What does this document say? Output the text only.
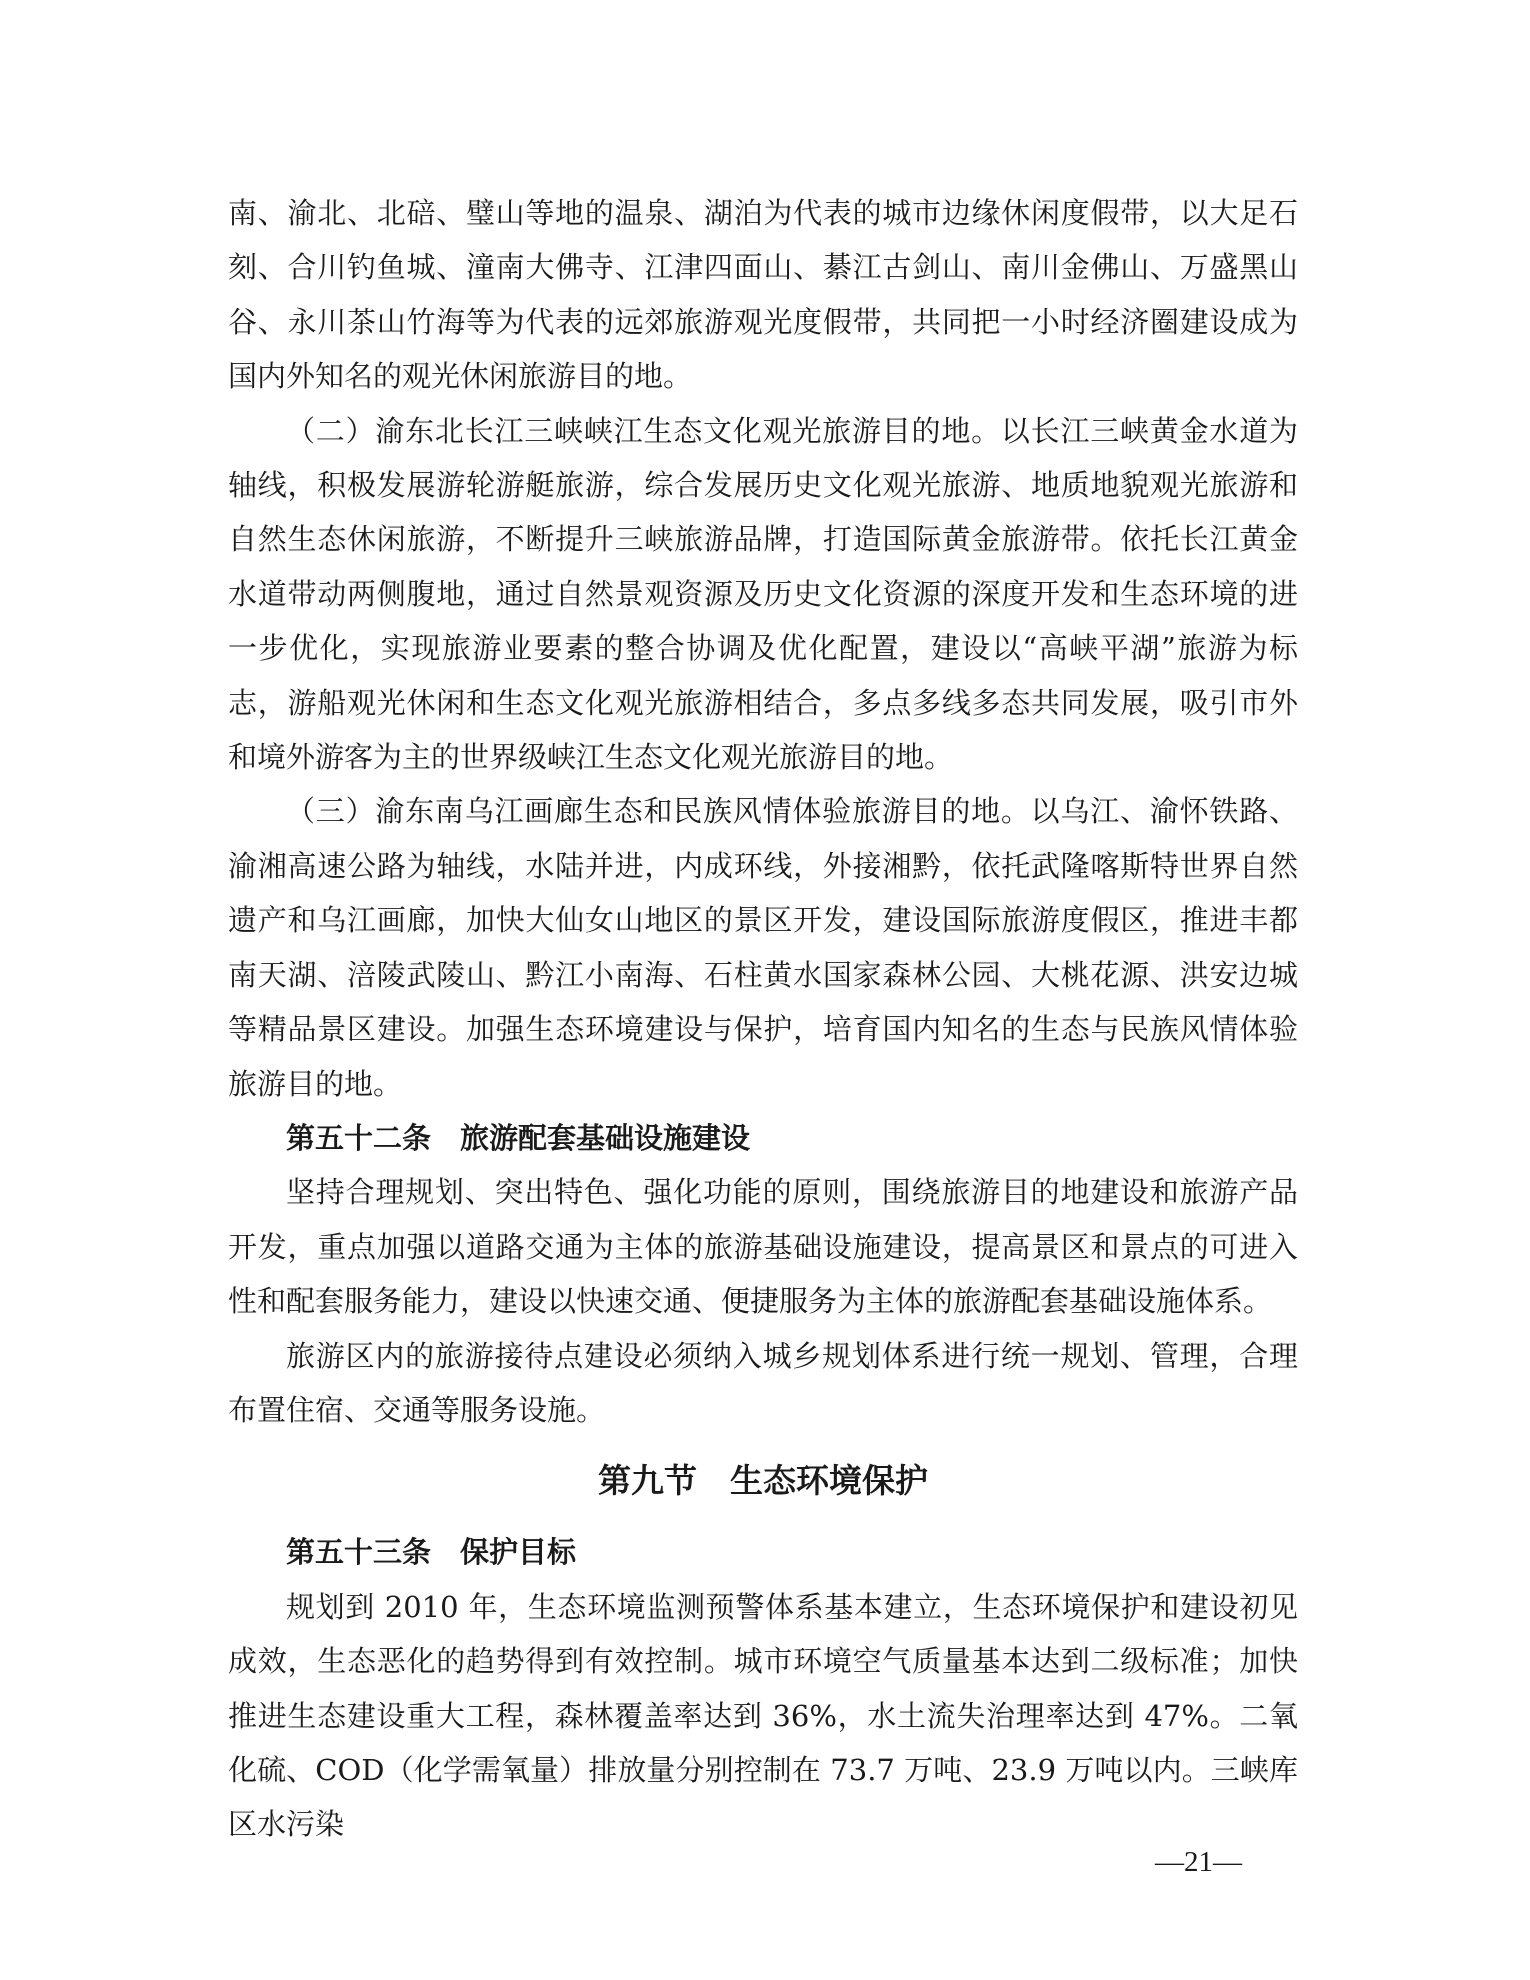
南、渝北、北碚、璧山等地的温泉、湖泊为代表的城市边缘休闲度假带，以大足石刻、合川钓鱼城、潼南大佛寺、江津四面山、綦江古剑山、南川金佛山、万盛黑山谷、永川茶山竹海等为代表的远郊旅游观光度假带，共同把一小时经济圈建设成为国内外知名的观光休闲旅游目的地。

（二）渝东北长江三峡峡江生态文化观光旅游目的地。以长江三峡黄金水道为轴线，积极发展游轮游艇旅游，综合发展历史文化观光旅游、地质地貌观光旅游和自然生态休闲旅游，不断提升三峡旅游品牌，打造国际黄金旅游带。依托长江黄金水道带动两侧腹地，通过自然景观资源及历史文化资源的深度开发和生态环境的进一步优化，实现旅游业要素的整合协调及优化配置，建设以“高峡平湖”旅游为标志，游船观光休闲和生态文化观光旅游相结合，多点多线多态共同发展，吸引市外和境外游客为主的世界级峡江生态文化观光旅游目的地。

（三）渝东南乌江画廊生态和民族风情体验旅游目的地。以乌江、渝怀铁路、渝湘高速公路为轴线，水陆并进，内成环线，外接湘黔，依托武隆喀斯特世界自然遗产和乌江画廊，加快大仙女山地区的景区开发，建设国际旅游度假区，推进丰都南天湖、涪陵武陵山、黔江小南海、石柱黄水国家森林公园、大桃花源、洪安边城等精品景区建设。加强生态环境建设与保护，培育国内知名的生态与民族风情体验旅游目的地。

第五十二条　旅游配套基础设施建设

坚持合理规划、突出特色、强化功能的原则，围绕旅游目的地建设和旅游产品开发，重点加强以道路交通为主体的旅游基础设施建设，提高景区和景点的可进入性和配套服务能力，建设以快速交通、便捷服务为主体的旅游配套基础设施体系。

旅游区内的旅游接待点建设必须纳入城乡规划体系进行统一规划、管理，合理布置住宿、交通等服务设施。

第九节　生态环境保护

第五十三条　保护目标

规划到 2010 年，生态环境监测预警体系基本建立，生态环境保护和建设初见成效，生态恶化的趋势得到有效控制。城市环境空气质量基本达到二级标准；加快推进生态建设重大工程，森林覆盖率达到 36%，水土流失治理率达到 47%。二氧化硫、COD（化学需氧量）排放量分别控制在 73.7 万吨、23.9 万吨以内。三峡库区水污染

—21—
